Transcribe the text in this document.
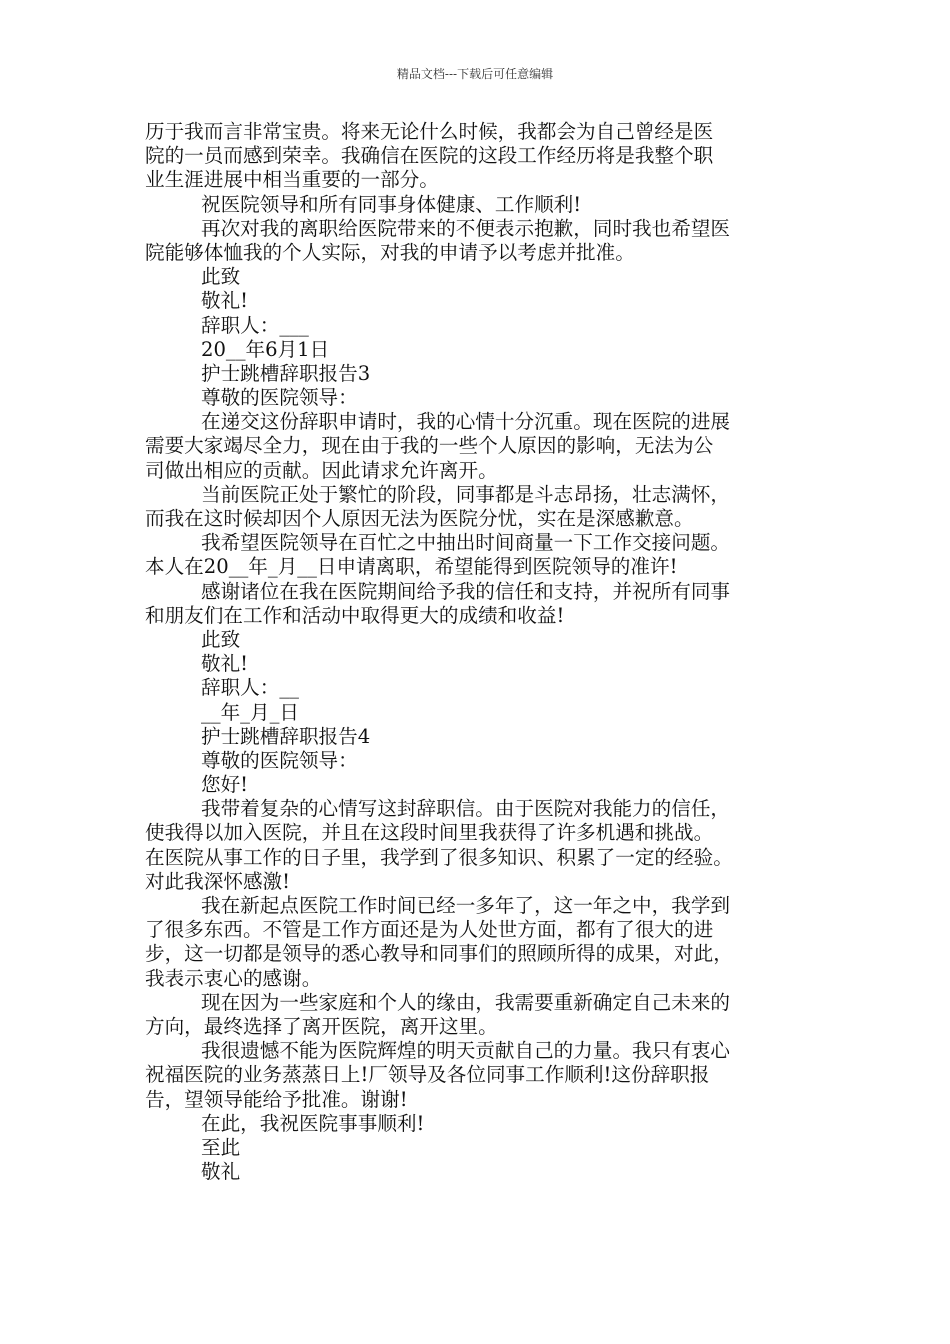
精品文档---下载后可任意编辑
历于我而言非常宝贵。将来无论什么时候，我都会为自己曾经是医
院的一员而感到荣幸。我确信在医院的这段工作经历将是我整个职
业生涯进展中相当重要的一部分。
祝医院领导和所有同事身体健康、工作顺利!
再次对我的离职给医院带来的不便表示抱歉，同时我也希望医
院能够体恤我的个人实际，对我的申请予以考虑并批准。
此致
敬礼!
辞职人：___
20__年6月1日
护士跳槽辞职报告3
尊敬的医院领导：
在递交这份辞职申请时，我的心情十分沉重。现在医院的进展
需要大家竭尽全力，现在由于我的一些个人原因的影响，无法为公
司做出相应的贡献。因此请求允许离开。
当前医院正处于繁忙的阶段，同事都是斗志昂扬，壮志满怀，
而我在这时候却因个人原因无法为医院分忧，实在是深感歉意。
我希望医院领导在百忙之中抽出时间商量一下工作交接问题。
本人在20__年_月__日申请离职，希望能得到医院领导的准许!
感谢诸位在我在医院期间给予我的信任和支持，并祝所有同事
和朋友们在工作和活动中取得更大的成绩和收益!
此致
敬礼!
辞职人：__
__年_月_日
护士跳槽辞职报告4
尊敬的医院领导：
您好!
我带着复杂的心情写这封辞职信。由于医院对我能力的信任，
使我得以加入医院，并且在这段时间里我获得了许多机遇和挑战。
在医院从事工作的日子里，我学到了很多知识、积累了一定的经验。
对此我深怀感激!
我在新起点医院工作时间已经一多年了，这一年之中，我学到
了很多东西。不管是工作方面还是为人处世方面，都有了很大的进
步，这一切都是领导的悉心教导和同事们的照顾所得的成果，对此，
我表示衷心的感谢。
现在因为一些家庭和个人的缘由，我需要重新确定自己未来的
方向，最终选择了离开医院，离开这里。
我很遗憾不能为医院辉煌的明天贡献自己的力量。我只有衷心
祝福医院的业务蒸蒸日上!厂领导及各位同事工作顺利!这份辞职报
告，望领导能给予批准。谢谢!
在此，我祝医院事事顺利!
至此
敬礼
